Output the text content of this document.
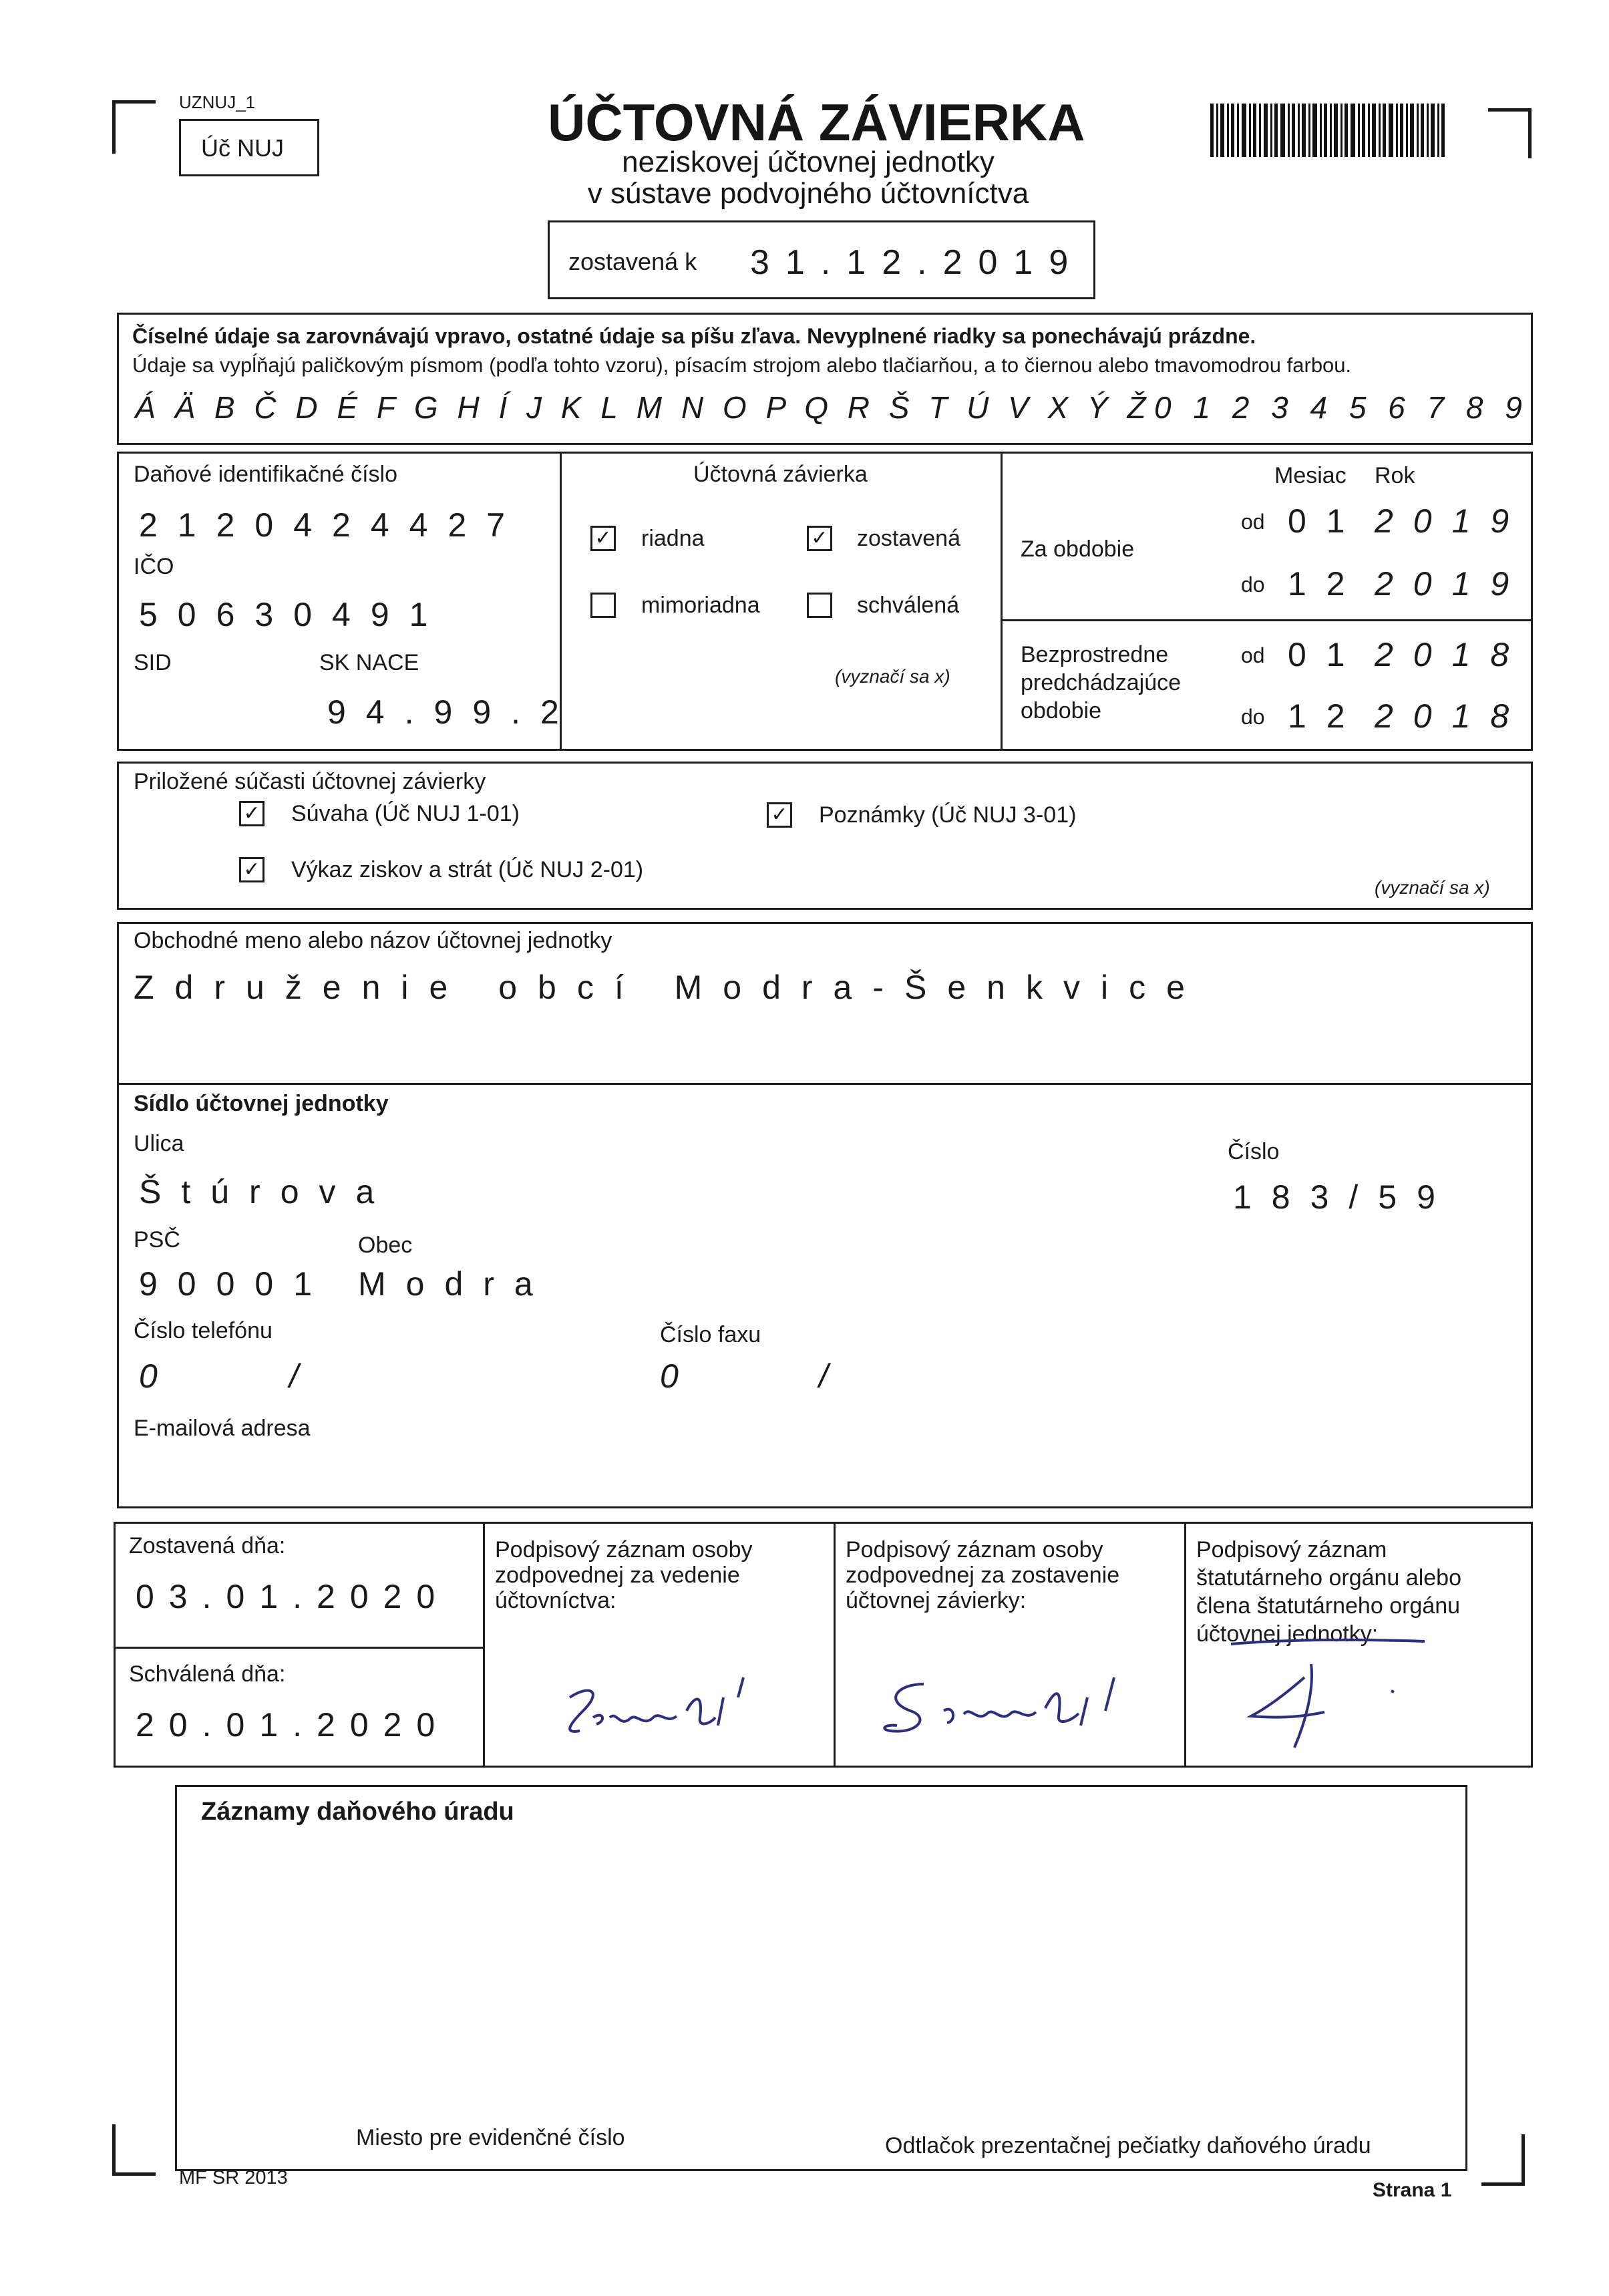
UZNUJ_1
Úč NUJ	ÚČTOVNÁ ZÁVIERKA
neziskovej účtovnej jednotky
v sústave podvojného účtovníctva
zostavená k 31.12.2019
Číselné údaje sa zarovnávajú vpravo, ostatné údaje sa píšu zľava. Nevyplnené riadky sa ponechávajú prázdne.
Údaje sa vypĺňajú paličkovým písmom (podľa tohto vzoru), písacím strojom alebo tlačiarňou, a to čiernou alebo tmavomodrou farbou.
Á Ä B Č D É F G H Í J K L M N O P Q R Š T Ú V X Ý Ž 0 1 2 3 4 5 6 7 8 9
Daňové identifikačné číslo
2120424427
IČO
50630491
SID	SK NACE
94.99.2
Účtovná závierka
✓ riadna	✓ zostavená
mimoriadna	schválená
(vyznačí sa x)
Mesiac Rok
Za obdobie
od 01 2019
do 12 2019
Bezprostredne
predchádzajúce
obdobie
od 01 2018
do 12 2018
Priložené súčasti účtovnej závierky
✓ Súvaha (Úč NUJ 1-01)	✓ Poznámky (Úč NUJ 3-01)
✓ Výkaz ziskov a strát (Úč NUJ 2-01)
(vyznačí sa x)
Obchodné meno alebo názov účtovnej jednotky
Združenie obcí Modra-Šenkvice
Sídlo účtovnej jednotky
Ulica
Štúrova
Číslo
183/59
PSČ	Obec
90001 Modra
Číslo telefónu	Číslo faxu
0	/	0	/
E-mailová adresa
Zostavená dňa:
03.01.2020
Schválená dňa:
20.01.2020
Podpisový záznam osoby
zodpovednej za vedenie
účtovníctva:
Podpisový záznam osoby
zodpovednej za zostavenie
účtovnej závierky:
Podpisový záznam
štatutárneho orgánu alebo
člena štatutárneho orgánu
účtovnej jednotky:
Záznamy daňového úradu
Miesto pre evidenčné číslo	Odtlačok prezentačnej pečiatky daňového úradu
MF SR 2013
Strana 1
